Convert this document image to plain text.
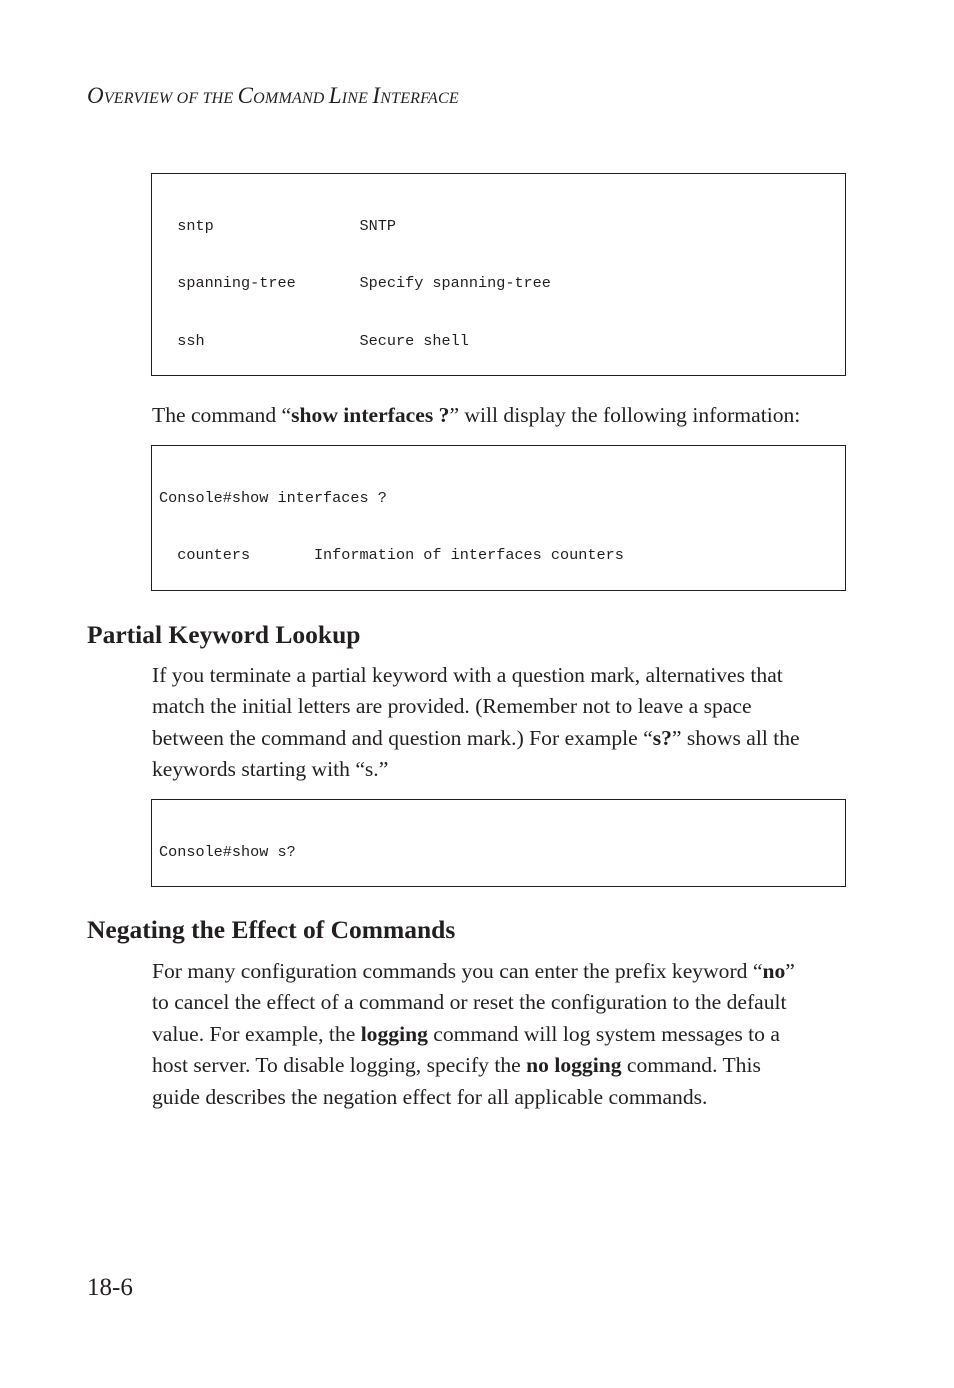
OVERVIEW OF THE COMMAND LINE INTERFACE

sntp                SNTP

spanning-tree       Specify spanning-tree

ssh                 Secure shell

The command “show interfaces ?” will display the following information:

Console#show interfaces ?

counters       Information of interfaces counters

Partial Keyword Lookup
If you terminate a partial keyword with a question mark, alternatives that
match the initial letters are provided. (Remember not to leave a space
between the command and question mark.) For example “s?” shows all the
keywords starting with “s.”

Console#show s?

Negating the Effect of Commands
For many configuration commands you can enter the prefix keyword “no”
to cancel the effect of a command or reset the configuration to the default
value. For example, the logging command will log system messages to a
host server. To disable logging, specify the no logging command. This
guide describes the negation effect for all applicable commands.
18-6
